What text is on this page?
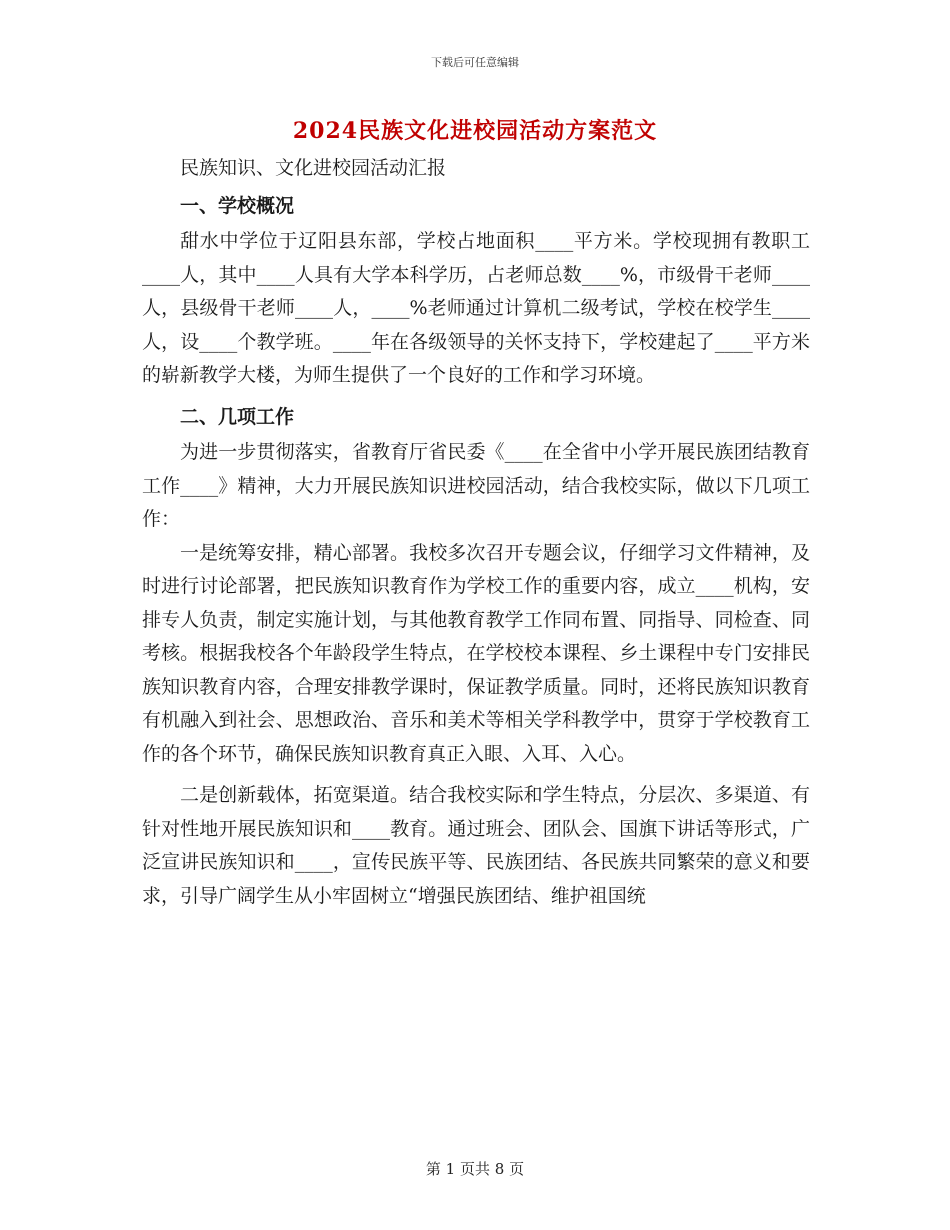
下载后可任意编辑
2024民族文化进校园活动方案范文

民族知识、文化进校园活动汇报

一、学校概况

甜水中学位于辽阳县东部，学校占地面积____平方米。学校现拥有教职工____人，其中____人具有大学本科学历，占老师总数____%，市级骨干老师____人，县级骨干老师____人，____%老师通过计算机二级考试，学校在校学生____人，设____个教学班。____年在各级领导的关怀支持下，学校建起了____平方米的崭新教学大楼，为师生提供了一个良好的工作和学习环境。

二、几项工作

为进一步贯彻落实，省教育厅省民委《____在全省中小学开展民族团结教育工作____》精神，大力开展民族知识进校园活动，结合我校实际，做以下几项工作：

一是统筹安排，精心部署。我校多次召开专题会议，仔细学习文件精神，及时进行讨论部署，把民族知识教育作为学校工作的重要内容，成立____机构，安排专人负责，制定实施计划，与其他教育教学工作同布置、同指导、同检查、同考核。根据我校各个年龄段学生特点，在学校校本课程、乡土课程中专门安排民族知识教育内容，合理安排教学课时，保证教学质量。同时，还将民族知识教育有机融入到社会、思想政治、音乐和美术等相关学科教学中，贯穿于学校教育工作的各个环节，确保民族知识教育真正入眼、入耳、入心。

二是创新载体，拓宽渠道。结合我校实际和学生特点，分层次、多渠道、有针对性地开展民族知识和____教育。通过班会、团队会、国旗下讲话等形式，广泛宣讲民族知识和____，宣传民族平等、民族团结、各民族共同繁荣的意义和要求，引导广阔学生从小牢固树立“增强民族团结、维护祖国统

第 1 页共 8 页
